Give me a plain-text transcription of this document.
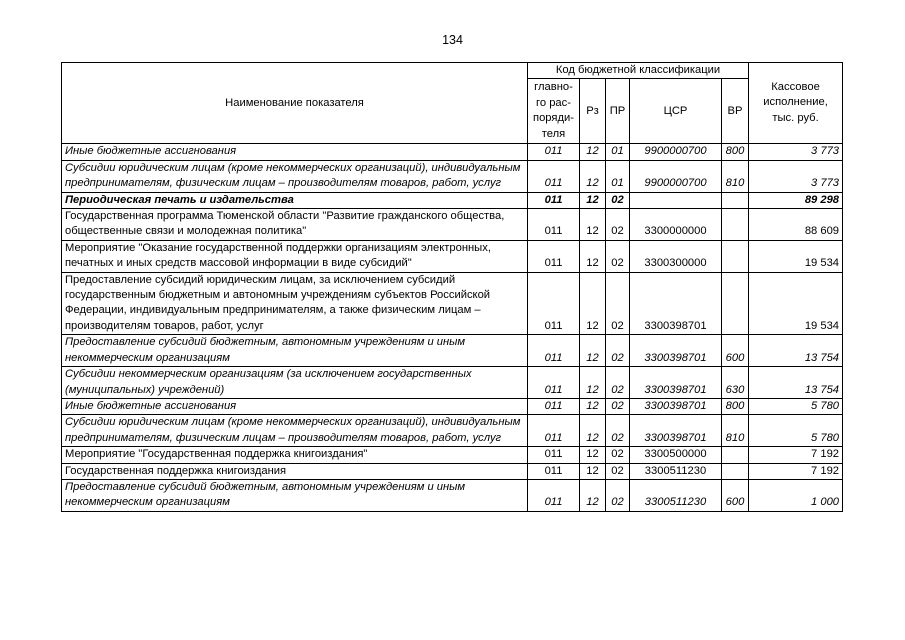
134
Наименование показателя	Код бюджетной классификации					Кассовое исполнение, тыс. руб.
	главно-
го рас-
поряди-
теля	Рз	ПР	ЦСР	ВР	
Иные бюджетные ассигнования	011	12	01	9900000700	800	3 773
Субсидии юридическим лицам (кроме некоммерческих организаций), индивидуальным предпринимателям, физическим лицам – производителям товаров, работ, услуг	011	12	01	9900000700	810	3 773
Периодическая печать и издательства	011	12	02			89 298
Государственная программа Тюменской области "Развитие гражданского общества, общественные связи и молодежная политика"	011	12	02	3300000000		88 609
Мероприятие "Оказание государственной поддержки организациям электронных, печатных и иных средств массовой информации в виде субсидий"	011	12	02	3300300000		19 534
Предоставление субсидий юридическим лицам, за исключением субсидий государственным бюджетным и автономным учреждениям субъектов Российской Федерации, индивидуальным предпринимателям, а также физическим лицам – производителям товаров, работ, услуг	011	12	02	3300398701		19 534
Предоставление субсидий бюджетным, автономным учреждениям и иным некоммерческим организациям	011	12	02	3300398701	600	13 754
Субсидии некоммерческим организациям (за исключением государственных (муниципальных) учреждений)	011	12	02	3300398701	630	13 754
Иные бюджетные ассигнования	011	12	02	3300398701	800	5 780
Субсидии юридическим лицам (кроме некоммерческих организаций), индивидуальным предпринимателям, физическим лицам – производителям товаров, работ, услуг	011	12	02	3300398701	810	5 780
Мероприятие "Государственная поддержка книгоиздания"	011	12	02	3300500000		7 192
Государственная поддержка книгоиздания	011	12	02	3300511230		7 192
Предоставление субсидий бюджетным, автономным учреждениям и иным некоммерческим организациям	011	12	02	3300511230	600	1 000
